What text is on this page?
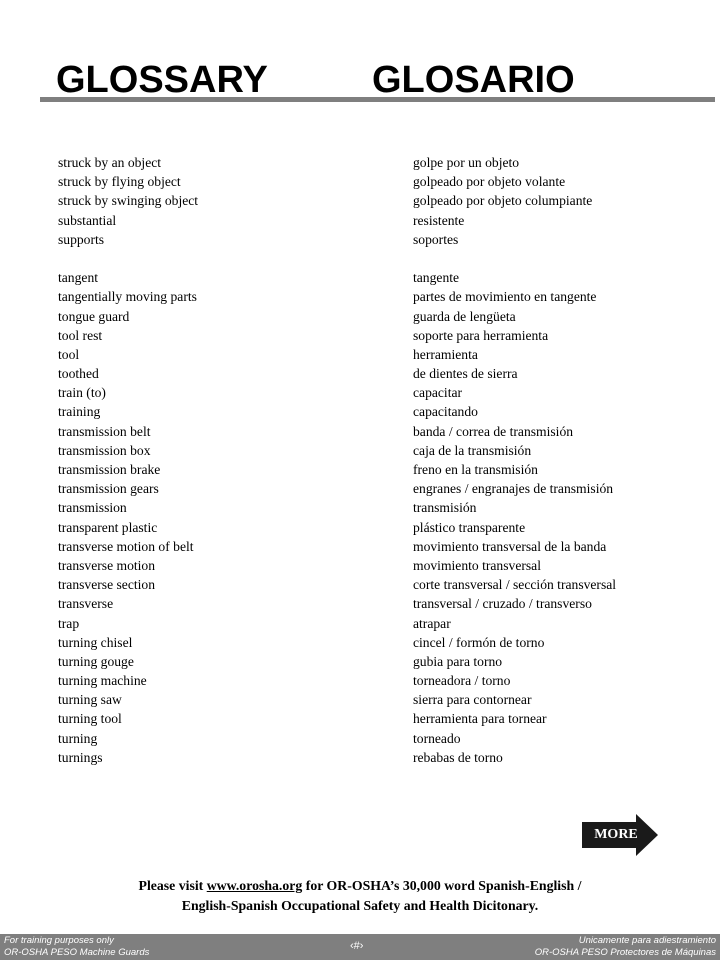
GLOSSARY	GLOSARIO
struck by an object	golpe por un objeto
struck by flying object	golpeado por objeto volante
struck by swinging object	golpeado por objeto columpiante
substantial	resistente
supports	soportes
tangent	tangente
tangentially moving parts	partes de movimiento en tangente
tongue guard	guarda de lengüeta
tool rest	soporte para herramienta
tool	herramienta
toothed	de dientes de sierra
train (to)	capacitar
training	capacitando
transmission belt	banda / correa de transmisión
transmission box	caja de la transmisión
transmission brake	freno en la transmisión
transmission gears	engranes / engranajes de transmisión
transmission	transmisión
transparent plastic	plástico transparente
transverse motion of belt	movimiento transversal de la banda
transverse motion	movimiento transversal
transverse section	corte transversal / sección transversal
transverse	transversal / cruzado / transverso
trap	atrapar
turning chisel	cincel / formón de torno
turning gouge	gubia para torno
turning machine	torneadora / torno
turning saw	sierra para contornear
turning tool	herramienta para tornear
turning	torneado
turnings	rebabas de torno
MORE
Please visit www.orosha.org for OR-OSHA’s 30,000 word Spanish-English /
English-Spanish Occupational Safety and Health Dicitonary.
For training purposes only
OR-OSHA PESO Machine Guards
‹#›	Unicamente para adiestramiento
OR-OSHA PESO Protectores de Máquinas
